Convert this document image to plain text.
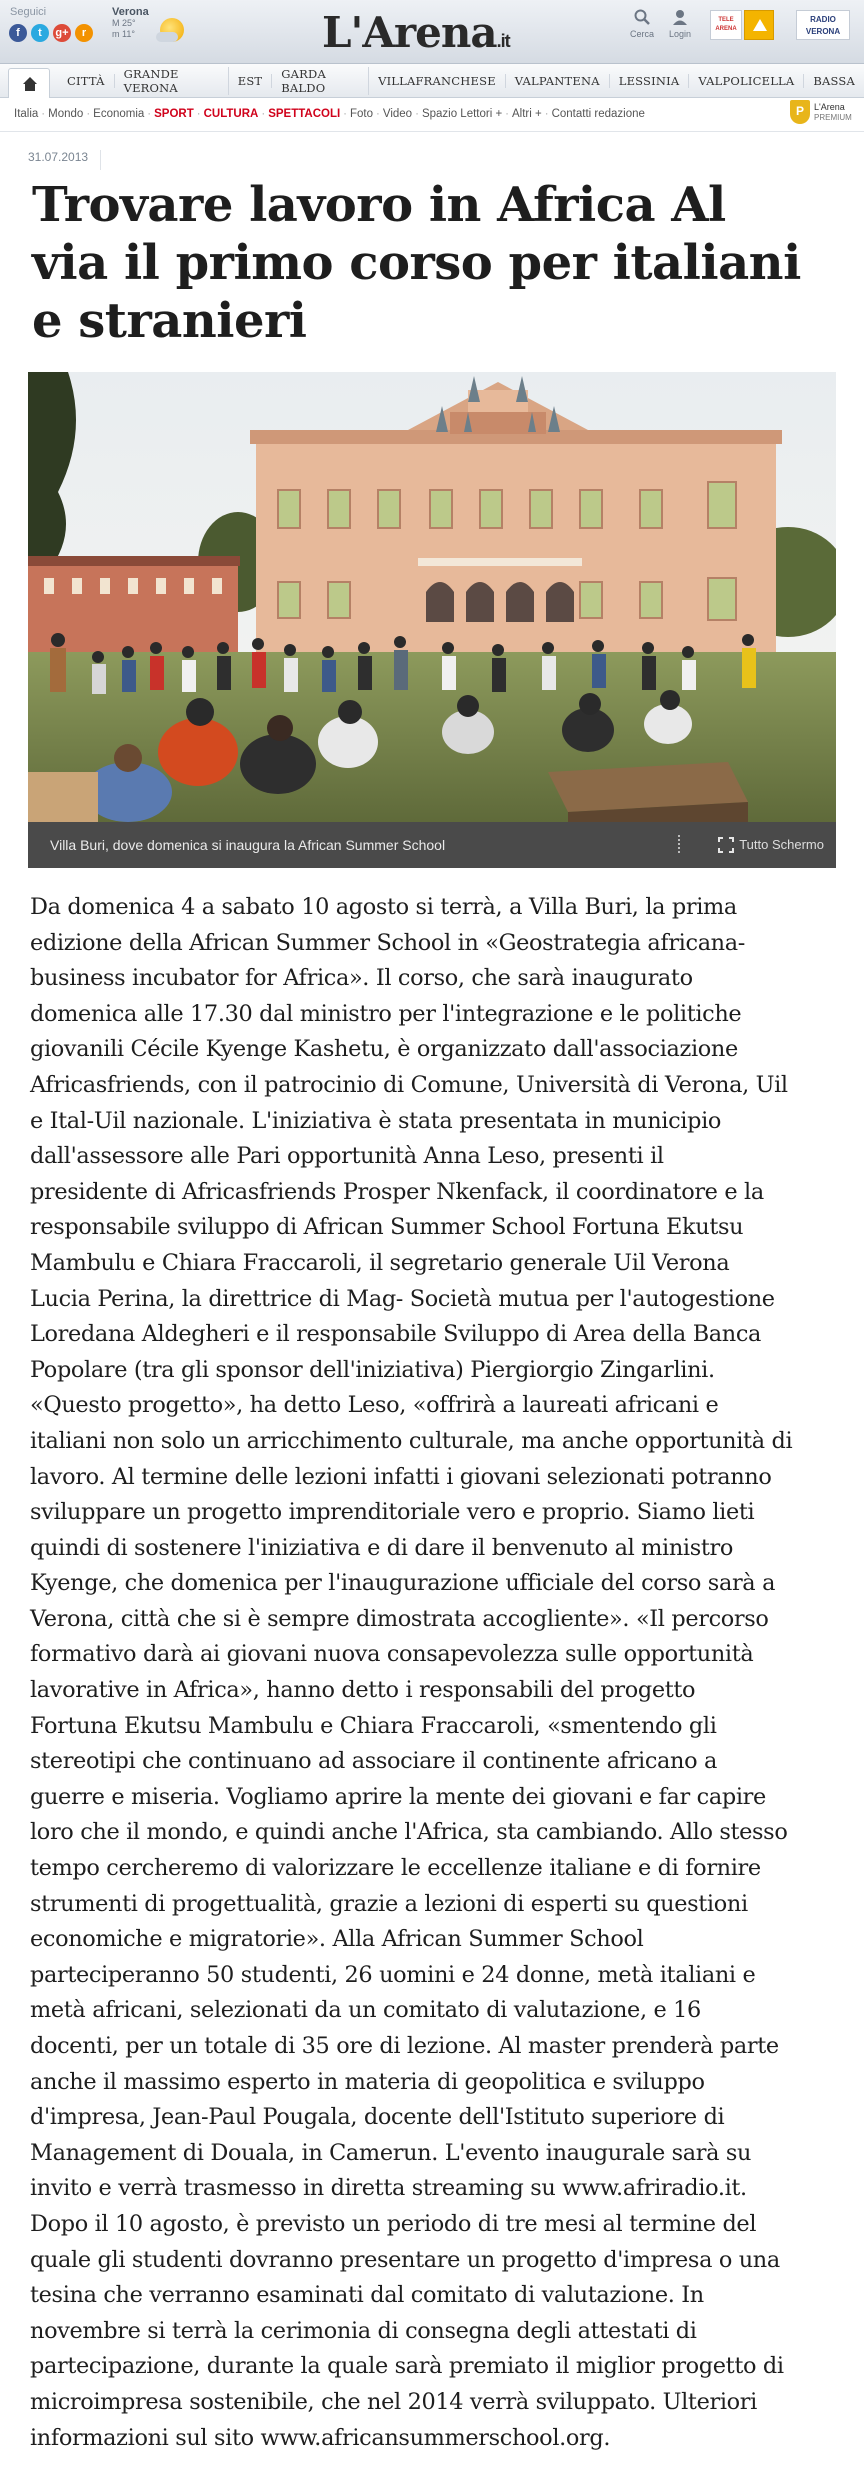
Seguici
f	t	g+	r
Verona
M 25°
m 11°	L'Arena.it	Cerca	Login
TELE
ARENA
RADIO
VERONA
CITTÀ	GRANDE VERONA	EST	GARDA BALDO	VILLAFRANCHESE	VALPANTENA	LESSINIA	VALPOLICELLA	BASSA
Italia · Mondo · Economia · SPORT · CULTURA · SPETTACOLI · Foto · Video · Spazio Lettori + · Altri + · Contatti redazione	P	L'Arena
PREMIUM
31.07.2013
Trovare lavoro in Africa Al
via il primo corso per italiani
e stranieri
Villa Buri, dove domenica si inaugura la African Summer School	Tutto Schermo
Da domenica 4 a sabato 10 agosto si terrà, a Villa Buri, la prima
edizione della African Summer School in «Geostrategia africana-
business incubator for Africa». Il corso, che sarà inaugurato
domenica alle 17.30 dal ministro per l'integrazione e le politiche
giovanili Cécile Kyenge Kashetu, è organizzato dall'associazione
Africasfriends, con il patrocinio di Comune, Università di Verona, Uil
e Ital-Uil nazionale. L'iniziativa è stata presentata in municipio
dall'assessore alle Pari opportunità Anna Leso, presenti il
presidente di Africasfriends Prosper Nkenfack, il coordinatore e la
responsabile sviluppo di African Summer School Fortuna Ekutsu
Mambulu e Chiara Fraccaroli, il segretario generale Uil Verona
Lucia Perina, la direttrice di Mag- Società mutua per l'autogestione
Loredana Aldegheri e il responsabile Sviluppo di Area della Banca
Popolare (tra gli sponsor dell'iniziativa) Piergiorgio Zingarlini.
«Questo progetto», ha detto Leso, «offrirà a laureati africani e
italiani non solo un arricchimento culturale, ma anche opportunità di
lavoro. Al termine delle lezioni infatti i giovani selezionati potranno
sviluppare un progetto imprenditoriale vero e proprio. Siamo lieti
quindi di sostenere l'iniziativa e di dare il benvenuto al ministro
Kyenge, che domenica per l'inaugurazione ufficiale del corso sarà a
Verona, città che si è sempre dimostrata accogliente». «Il percorso
formativo darà ai giovani nuova consapevolezza sulle opportunità
lavorative in Africa», hanno detto i responsabili del progetto
Fortuna Ekutsu Mambulu e Chiara Fraccaroli, «smentendo gli
stereotipi che continuano ad associare il continente africano a
guerre e miseria. Vogliamo aprire la mente dei giovani e far capire
loro che il mondo, e quindi anche l'Africa, sta cambiando. Allo stesso
tempo cercheremo di valorizzare le eccellenze italiane e di fornire
strumenti di progettualità, grazie a lezioni di esperti su questioni
economiche e migratorie». Alla African Summer School
parteciperanno 50 studenti, 26 uomini e 24 donne, metà italiani e
metà africani, selezionati da un comitato di valutazione, e 16
docenti, per un totale di 35 ore di lezione. Al master prenderà parte
anche il massimo esperto in materia di geopolitica e sviluppo
d'impresa, Jean-Paul Pougala, docente dell'Istituto superiore di
Management di Douala, in Camerun. L'evento inaugurale sarà su
invito e verrà trasmesso in diretta streaming su www.afriradio.it.
Dopo il 10 agosto, è previsto un periodo di tre mesi al termine del
quale gli studenti dovranno presentare un progetto d'impresa o una
tesina che verranno esaminati dal comitato di valutazione. In
novembre si terrà la cerimonia di consegna degli attestati di
partecipazione, durante la quale sarà premiato il miglior progetto di
microimpresa sostenibile, che nel 2014 verrà sviluppato. Ulteriori
informazioni sul sito www.africansummerschool.org.
